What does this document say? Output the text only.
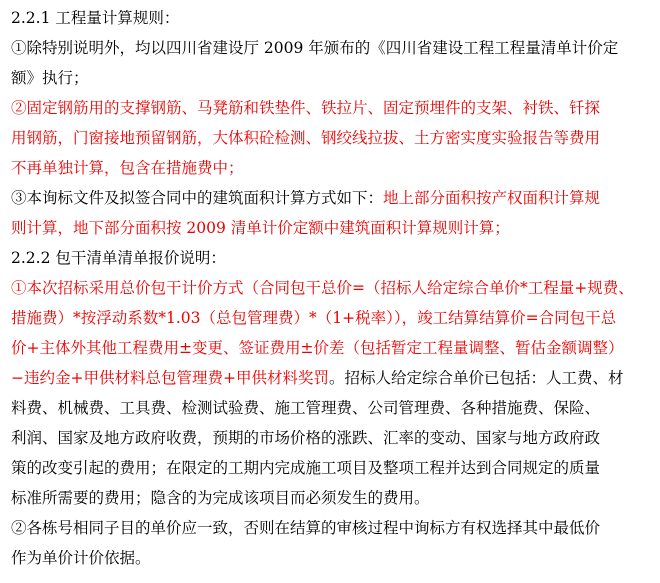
2.2.1 工程量计算规则：
①除特别说明外，均以四川省建设厅 2009 年颁布的《四川省建设工程工程量清单计价定
额》执行；
②固定钢筋用的支撑钢筋、马凳筋和铁垫件、铁拉片、固定预埋件的支架、衬铁、钎探
用钢筋，门窗接地预留钢筋，大体积砼检测、钢绞线拉拔、土方密实度实验报告等费用
不再单独计算，包含在措施费中；
③本询标文件及拟签合同中的建筑面积计算方式如下：地上部分面积按产权面积计算规
则计算，地下部分面积按 2009 清单计价定额中建筑面积计算规则计算；
2.2.2 包干清单清单报价说明：
①本次招标采用总价包干计价方式（合同包干总价=（招标人给定综合单价*工程量+规费、
措施费）*按浮动系数*1.03（总包管理费）*（1+税率）），竣工结算结算价=合同包干总
价+主体外其他工程费用±变更、签证费用±价差（包括暂定工程量调整、暂估金额调整）
−违约金+甲供材料总包管理费+甲供材料奖罚。招标人给定综合单价已包括：人工费、材
料费、机械费、工具费、检测试验费、施工管理费、公司管理费、各种措施费、保险、
利润、国家及地方政府收费，预期的市场价格的涨跌、汇率的变动、国家与地方政府政
策的改变引起的费用；在限定的工期内完成施工项目及整项工程并达到合同规定的质量
标准所需要的费用；隐含的为完成该项目而必须发生的费用。
②各栋号相同子目的单价应一致，否则在结算的审核过程中询标方有权选择其中最低价
作为单价计价依据。
